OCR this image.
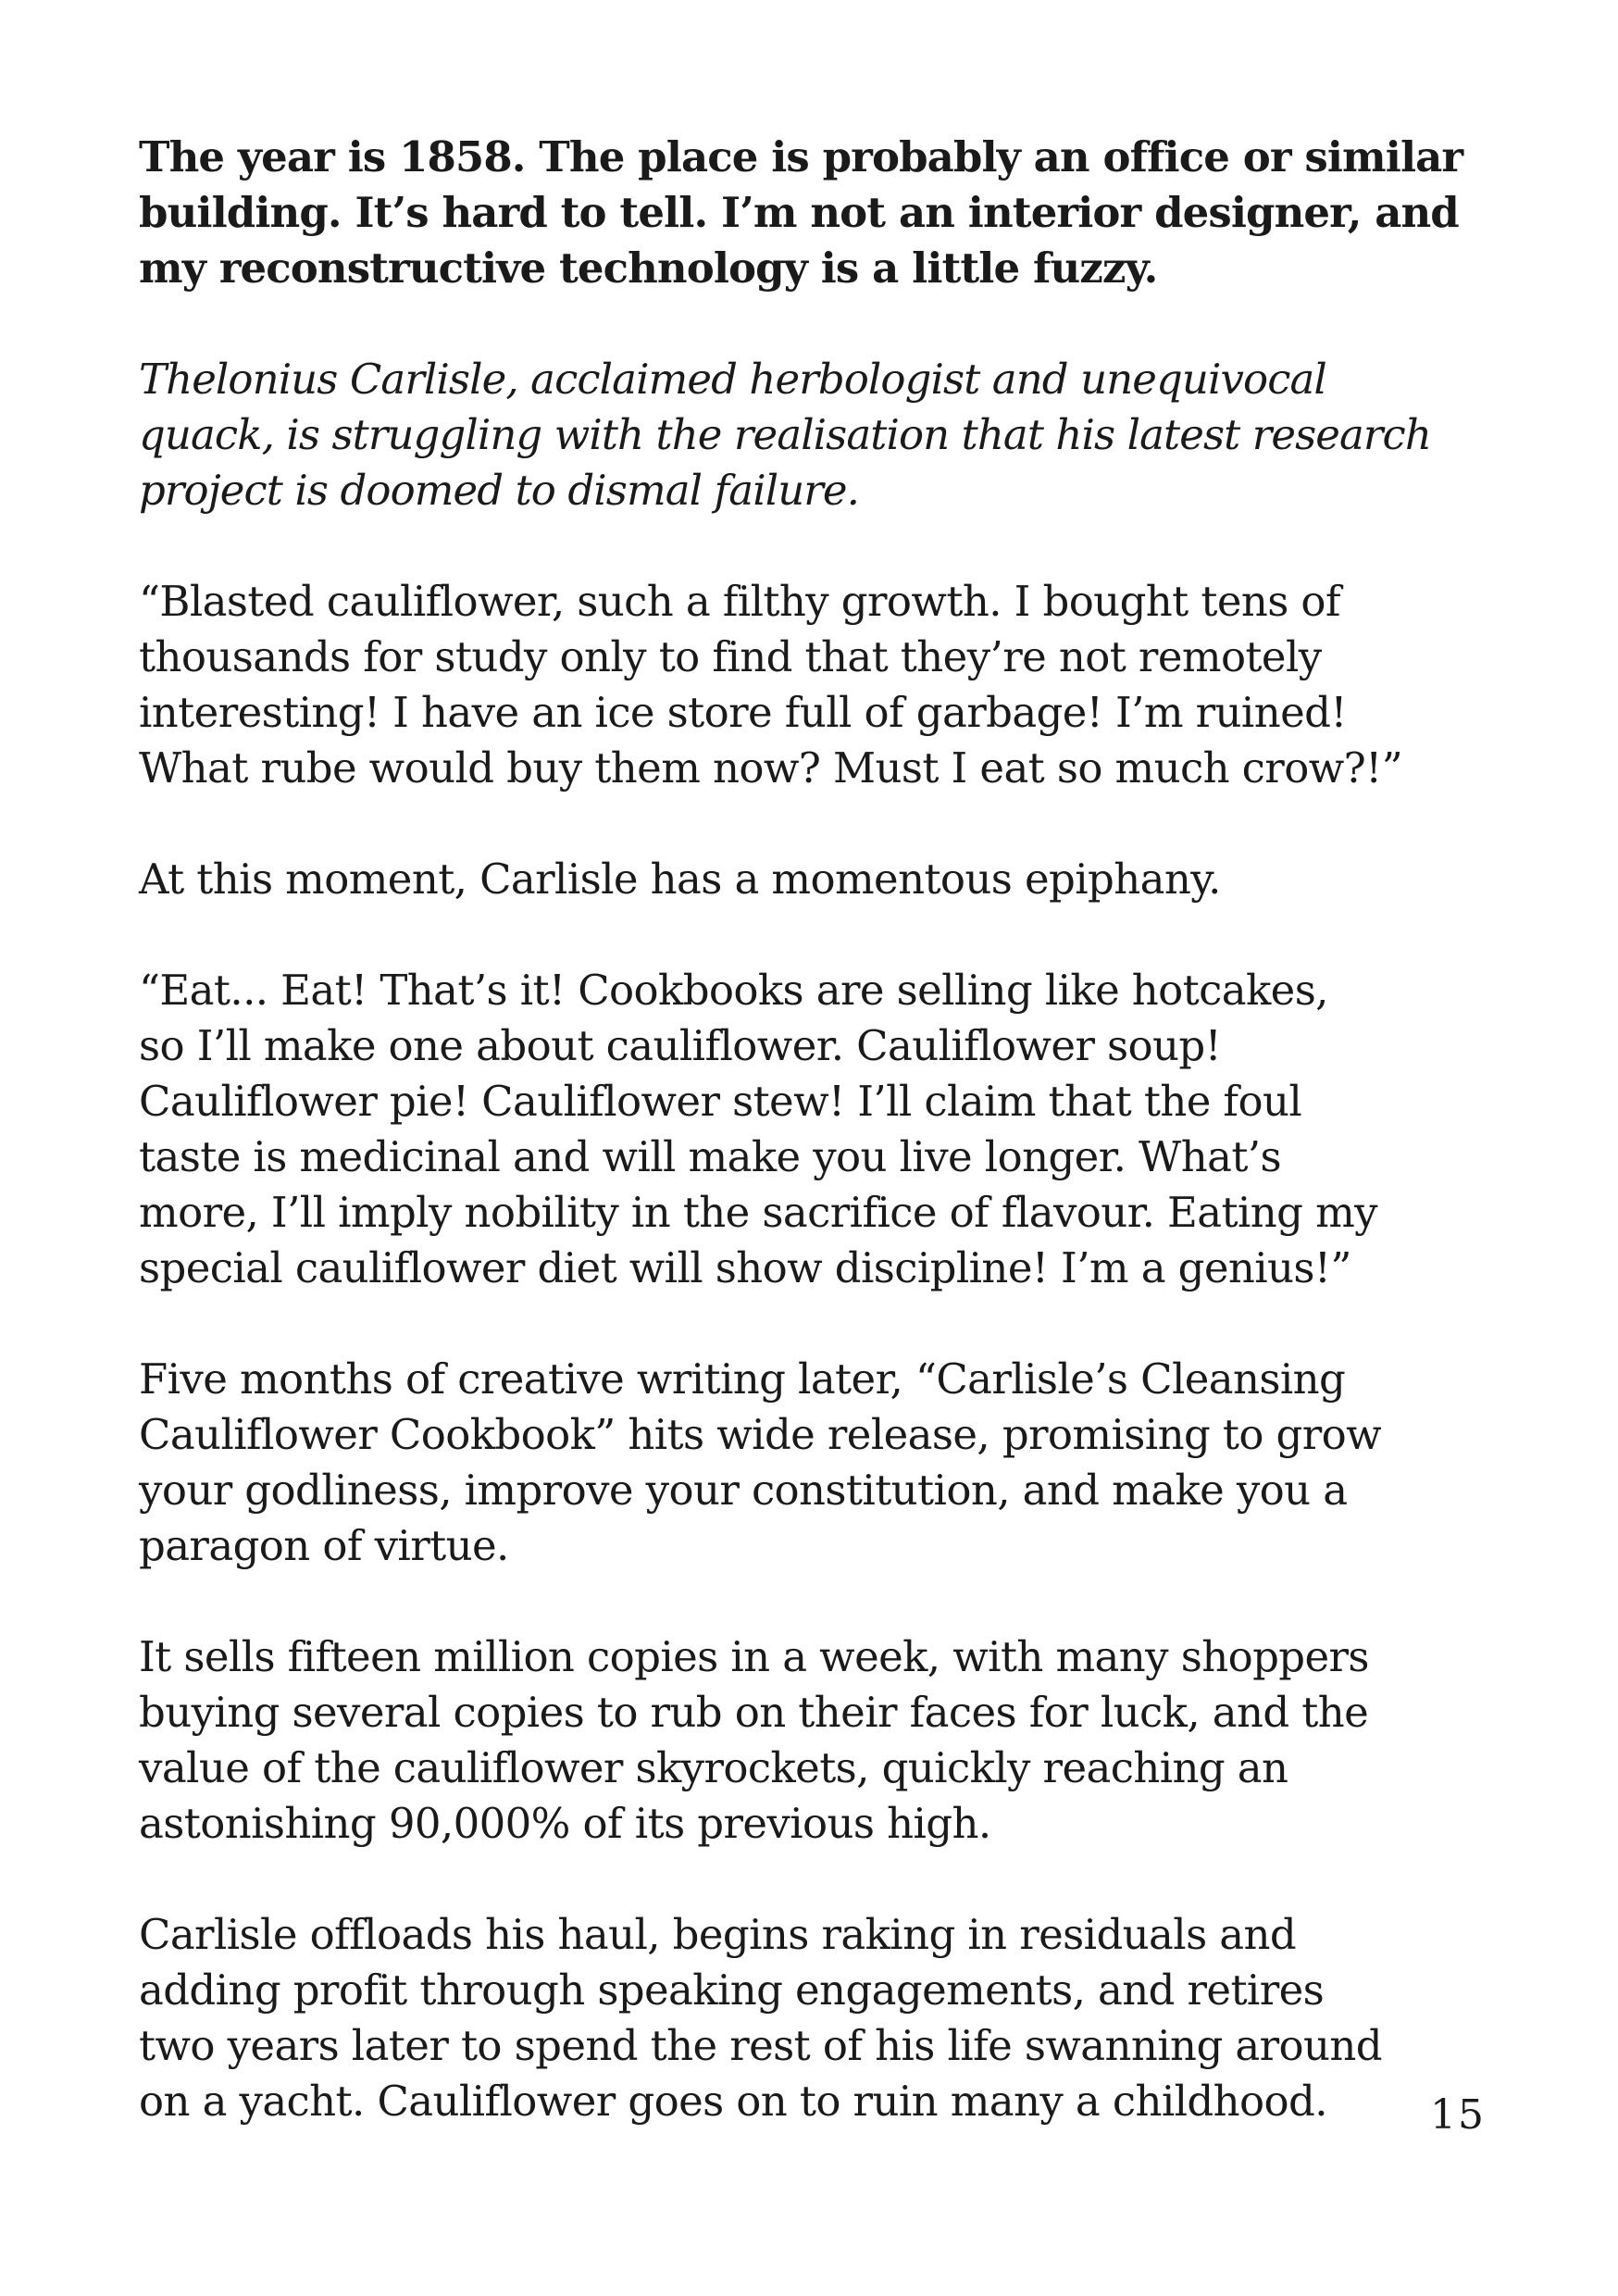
The year is 1858. The place is probably an office or similar
building. It’s hard to tell. I’m not an interior designer, and
my reconstructive technology is a little fuzzy.

Thelonius Carlisle, acclaimed herbologist and unequivocal
quack, is struggling with the realisation that his latest research
project is doomed to dismal failure.

“Blasted cauliflower, such a filthy growth. I bought tens of
thousands for study only to find that they’re not remotely
interesting! I have an ice store full of garbage! I’m ruined!
What rube would buy them now? Must I eat so much crow?!”

At this moment, Carlisle has a momentous epiphany.

“Eat... Eat! That’s it! Cookbooks are selling like hotcakes,
so I’ll make one about cauliflower. Cauliflower soup!
Cauliflower pie! Cauliflower stew! I’ll claim that the foul
taste is medicinal and will make you live longer. What’s
more, I’ll imply nobility in the sacrifice of flavour. Eating my
special cauliflower diet will show discipline! I’m a genius!”

Five months of creative writing later, “Carlisle’s Cleansing
Cauliflower Cookbook” hits wide release, promising to grow
your godliness, improve your constitution, and make you a
paragon of virtue.

It sells fifteen million copies in a week, with many shoppers
buying several copies to rub on their faces for luck, and the
value of the cauliflower skyrockets, quickly reaching an
astonishing 90,000% of its previous high.

Carlisle offloads his haul, begins raking in residuals and
adding profit through speaking engagements, and retires
two years later to spend the rest of his life swanning around
on a yacht. Cauliflower goes on to ruin many a childhood.	15
